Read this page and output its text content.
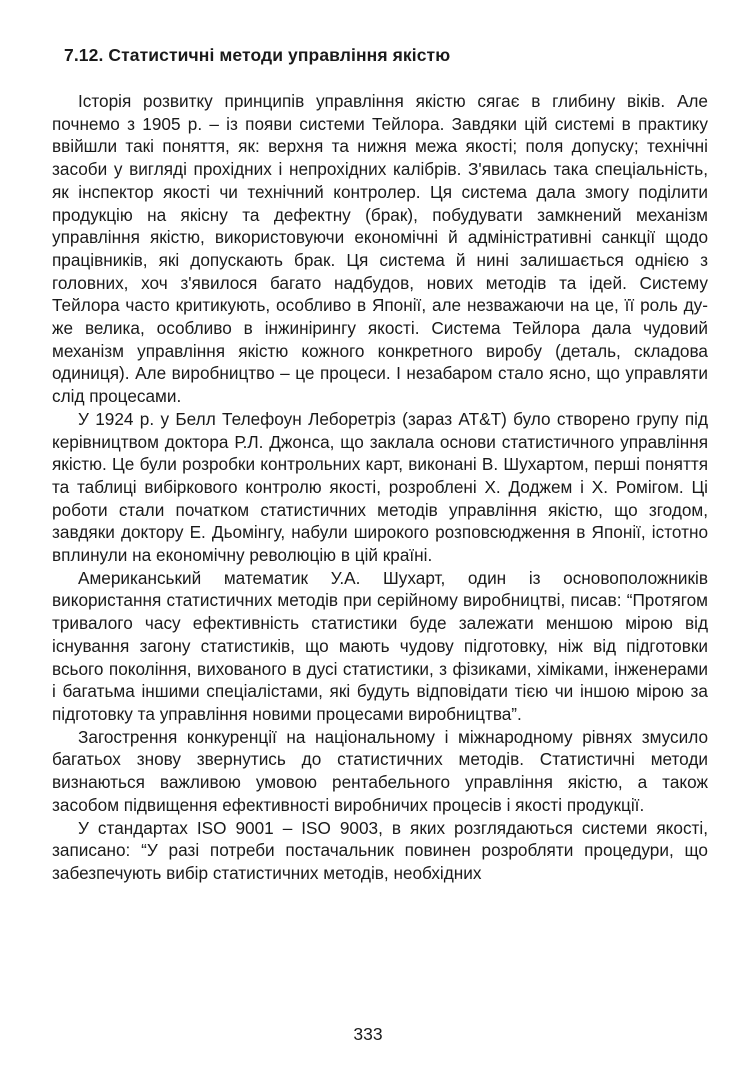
7.12. Статистичні методи управління якістю

Історія розвитку принципів управління якістю сягає в глибину віків. Але почнемо з 1905 р. – із появи системи Тейлора. Завдяки цій системі в практику ввійшли такі поняття, як: верхня та нижня межа якості; поля допуску; технічні засоби у вигляді прохідних і непрохідних калібрів. З'явилась така спеціальність, як інспектор якості чи технічний контролер. Ця система дала змогу поділити продукцію на якісну та дефектну (брак), побудувати замкнений механізм управління якістю, використовуючи економічні й адміністративні санкції щодо працівників, які допускають брак. Ця система й нині залишається однією з головних, хоч з'явилося багато надбудов, нових методів та ідей. Систему Тейлора часто критикують, особливо в Японії, але незважаючи на це, її роль дуже велика, особливо в інжинірингу якості. Система Тейлора дала чудовий механізм управління якістю кожного конкретного виробу (деталь, складова одиниця). Але виробництво – це процеси. І незабаром стало ясно, що управляти слід процесами.

У 1924 р. у Белл Телефоун Леборетріз (зараз AT&T) було створено групу під керівництвом доктора Р.Л. Джонса, що заклала основи статистичного управління якістю. Це були розробки контрольних карт, виконані В. Шухартом, перші поняття та таблиці вибіркового контролю якості, розроблені Х. Доджем і Х. Ромігом. Ці роботи стали початком статистичних методів управління якістю, що згодом, завдяки доктору Е. Дьомінгу, набули широкого розповсюдження в Японії, істотно вплинули на економічну революцію в цій країні.

Американський математик У.А. Шухарт, один із основоположників використання статистичних методів при серійному виробництві, писав: “Протягом тривалого часу ефективність статистики буде залежати меншою мірою від існування загону статистиків, що мають чудову підготовку, ніж від підготовки всього покоління, вихованого в дусі статистики, з фізиками, хіміками, інженерами і багатьма іншими спеціалістами, які будуть відповідати тією чи іншою мірою за підготовку та управління новими процесами виробництва”.

Загострення конкуренції на національному і міжнародному рівнях змусило багатьох знову звернутись до статистичних методів. Статистичні методи визнаються важливою умовою рентабельного управління якістю, а також засобом підвищення ефективності виробничих процесів і якості продукції.

У стандартах ISO 9001 – ISO 9003, в яких розглядаються системи якості, записано: “У разі потреби постачальник повинен розробляти процедури, що забезпечують вибір статистичних методів, необхідних

333
